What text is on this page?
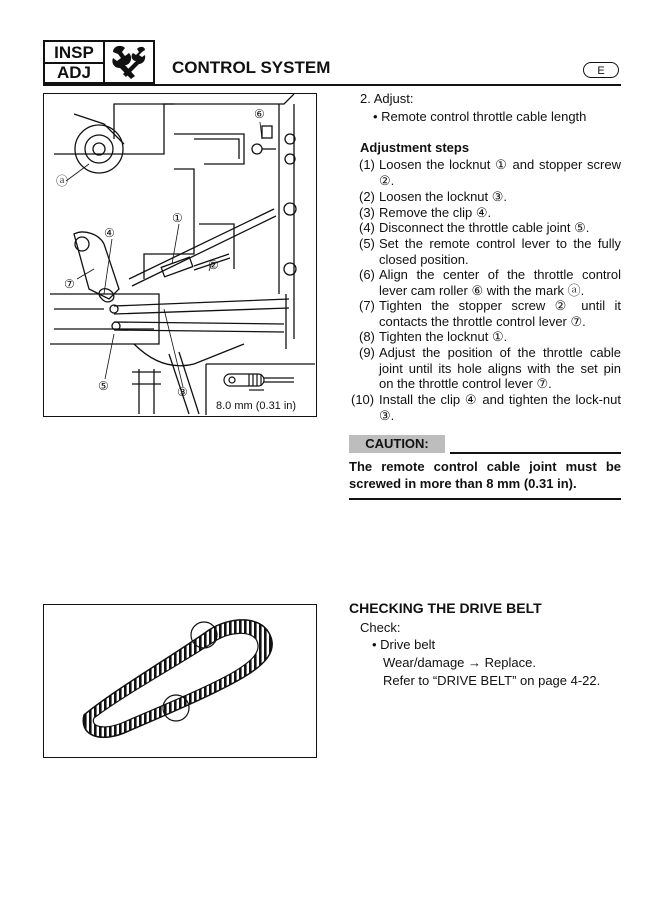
INSP
ADJ	CONTROL SYSTEM	E
ⓐ
①
②
③
④
⑤
⑥
⑦
8.0 mm (0.31 in)
2. Adjust:
• Remote control throttle cable length
Adjustment steps
(1) Loosen the locknut ① and stopper screw ②.
(2) Loosen the locknut ③.
(3) Remove the clip ④.
(4) Disconnect the throttle cable joint ⑤.
(5) Set the remote control lever to the fully closed position.
(6) Align the center of the throttle control lever cam roller ⑥ with the mark ⓐ.
(7) Tighten the stopper screw ② until it contacts the throttle control lever ⑦.
(8) Tighten the locknut ①.
(9) Adjust the position of the throttle cable joint until its hole aligns with the set pin on the throttle control lever ⑦.
(10) Install the clip ④ and tighten the lock-nut ③.
CAUTION:
The remote control cable joint must be screwed in more than 8 mm (0.31 in).
CHECKING THE DRIVE BELT
Check:
• Drive belt
Wear/damage → Replace.
Refer to “DRIVE BELT” on page 4-22.
